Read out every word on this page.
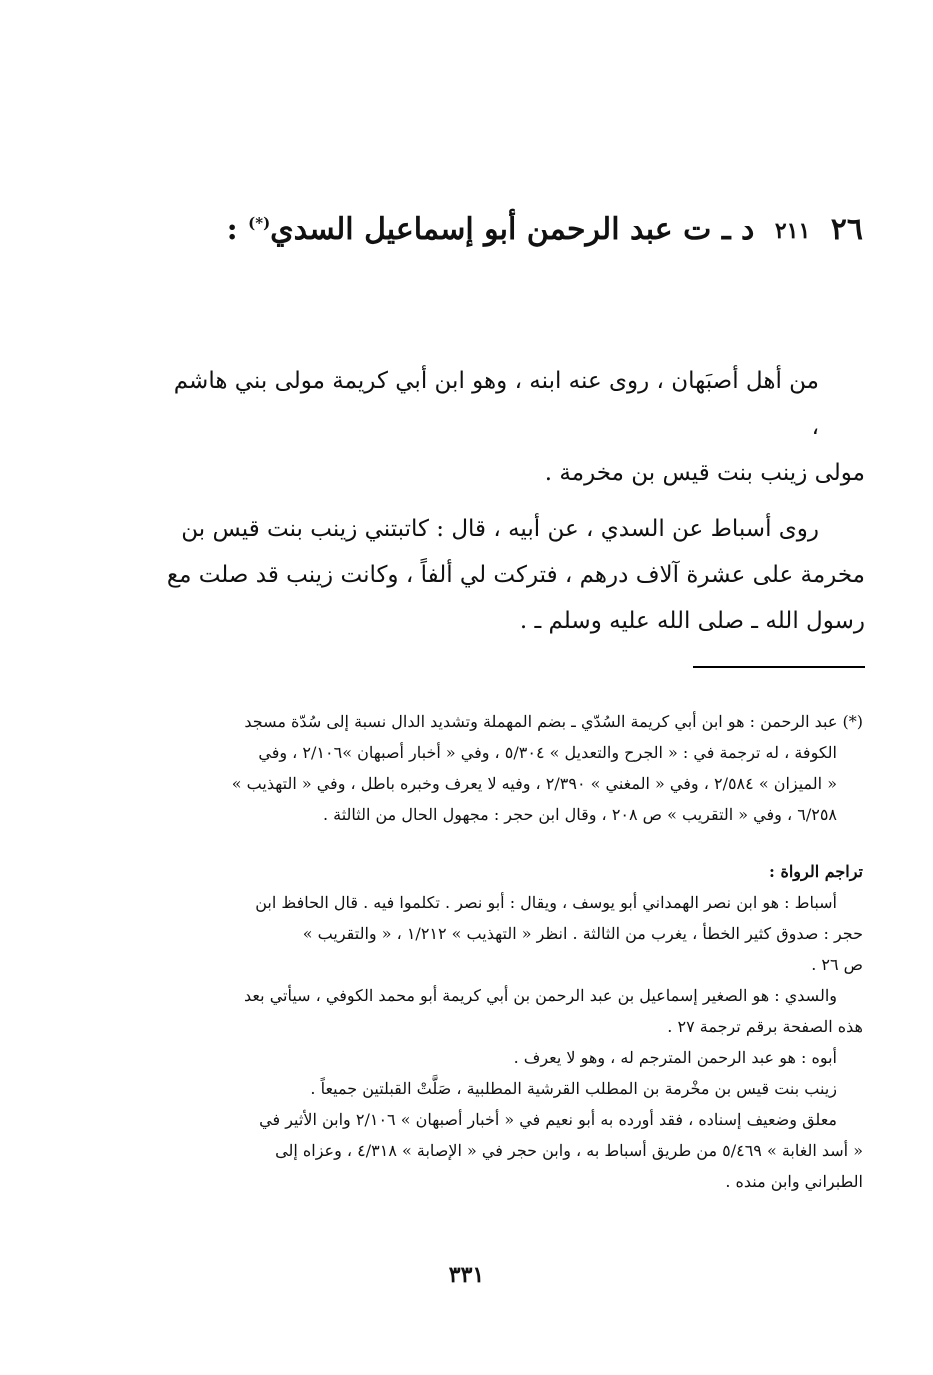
٢٦ ٢١١ د ـ ت عبد الرحمن أبو إسماعيل السدي(*) :

من أهل أصبَهان ، روى عنه ابنه ، وهو ابن أبي كريمة مولى بني هاشم ،
مولى زينب بنت قيس بن مخرمة .

روى أسباط عن السدي ، عن أبيه ، قال : كاتبتني زينب بنت قيس بن
مخرمة على عشرة آلاف درهم ، فتركت لي ألفاً ، وكانت زينب قد صلت مع
رسول الله ـ صلى الله عليه وسلم ـ .

(*) عبد الرحمن : هو ابن أبي كريمة السُدّي ـ بضم المهملة وتشديد الدال نسبة إلى سُدّة مسجد

الكوفة ، له ترجمة في : « الجرح والتعديل » ٥/٣٠٤ ، وفي « أخبار أصبهان »٢/١٠٦ ، وفي

« الميزان » ٢/٥٨٤ ، وفي « المغني » ٢/٣٩٠ ، وفيه لا يعرف وخبره باطل ، وفي « التهذيب »

٦/٢٥٨ ، وفي « التقريب » ص ٢٠٨ ، وقال ابن حجر : مجهول الحال من الثالثة .

تراجم الرواة :

أسباط : هو ابن نصر الهمداني أبو يوسف ، ويقال : أبو نصر . تكلموا فيه . قال الحافظ ابن

حجر : صدوق كثير الخطأ ، يغرب من الثالثة . انظر « التهذيب » ١/٢١٢ ، « والتقريب »

ص ٢٦ .

والسدي : هو الصغير إسماعيل بن عبد الرحمن بن أبي كريمة أبو محمد الكوفي ، سيأتي بعد

هذه الصفحة برقم ترجمة ٢٧ .

أبوه : هو عبد الرحمن المترجم له ، وهو لا يعرف .

زينب بنت قيس بن مخْرمة بن المطلب القرشية المطلبية ، صَلَّتْ القبلتين جميعاً .

معلق وضعيف إسناده ، فقد أورده به أبو نعيم في « أخبار أصبهان » ٢/١٠٦ وابن الأثير في

« أسد الغابة » ٥/٤٦٩ من طريق أسباط به ، وابن حجر في « الإصابة » ٤/٣١٨ ، وعزاه إلى

الطبراني وابن منده .

٣٣١
